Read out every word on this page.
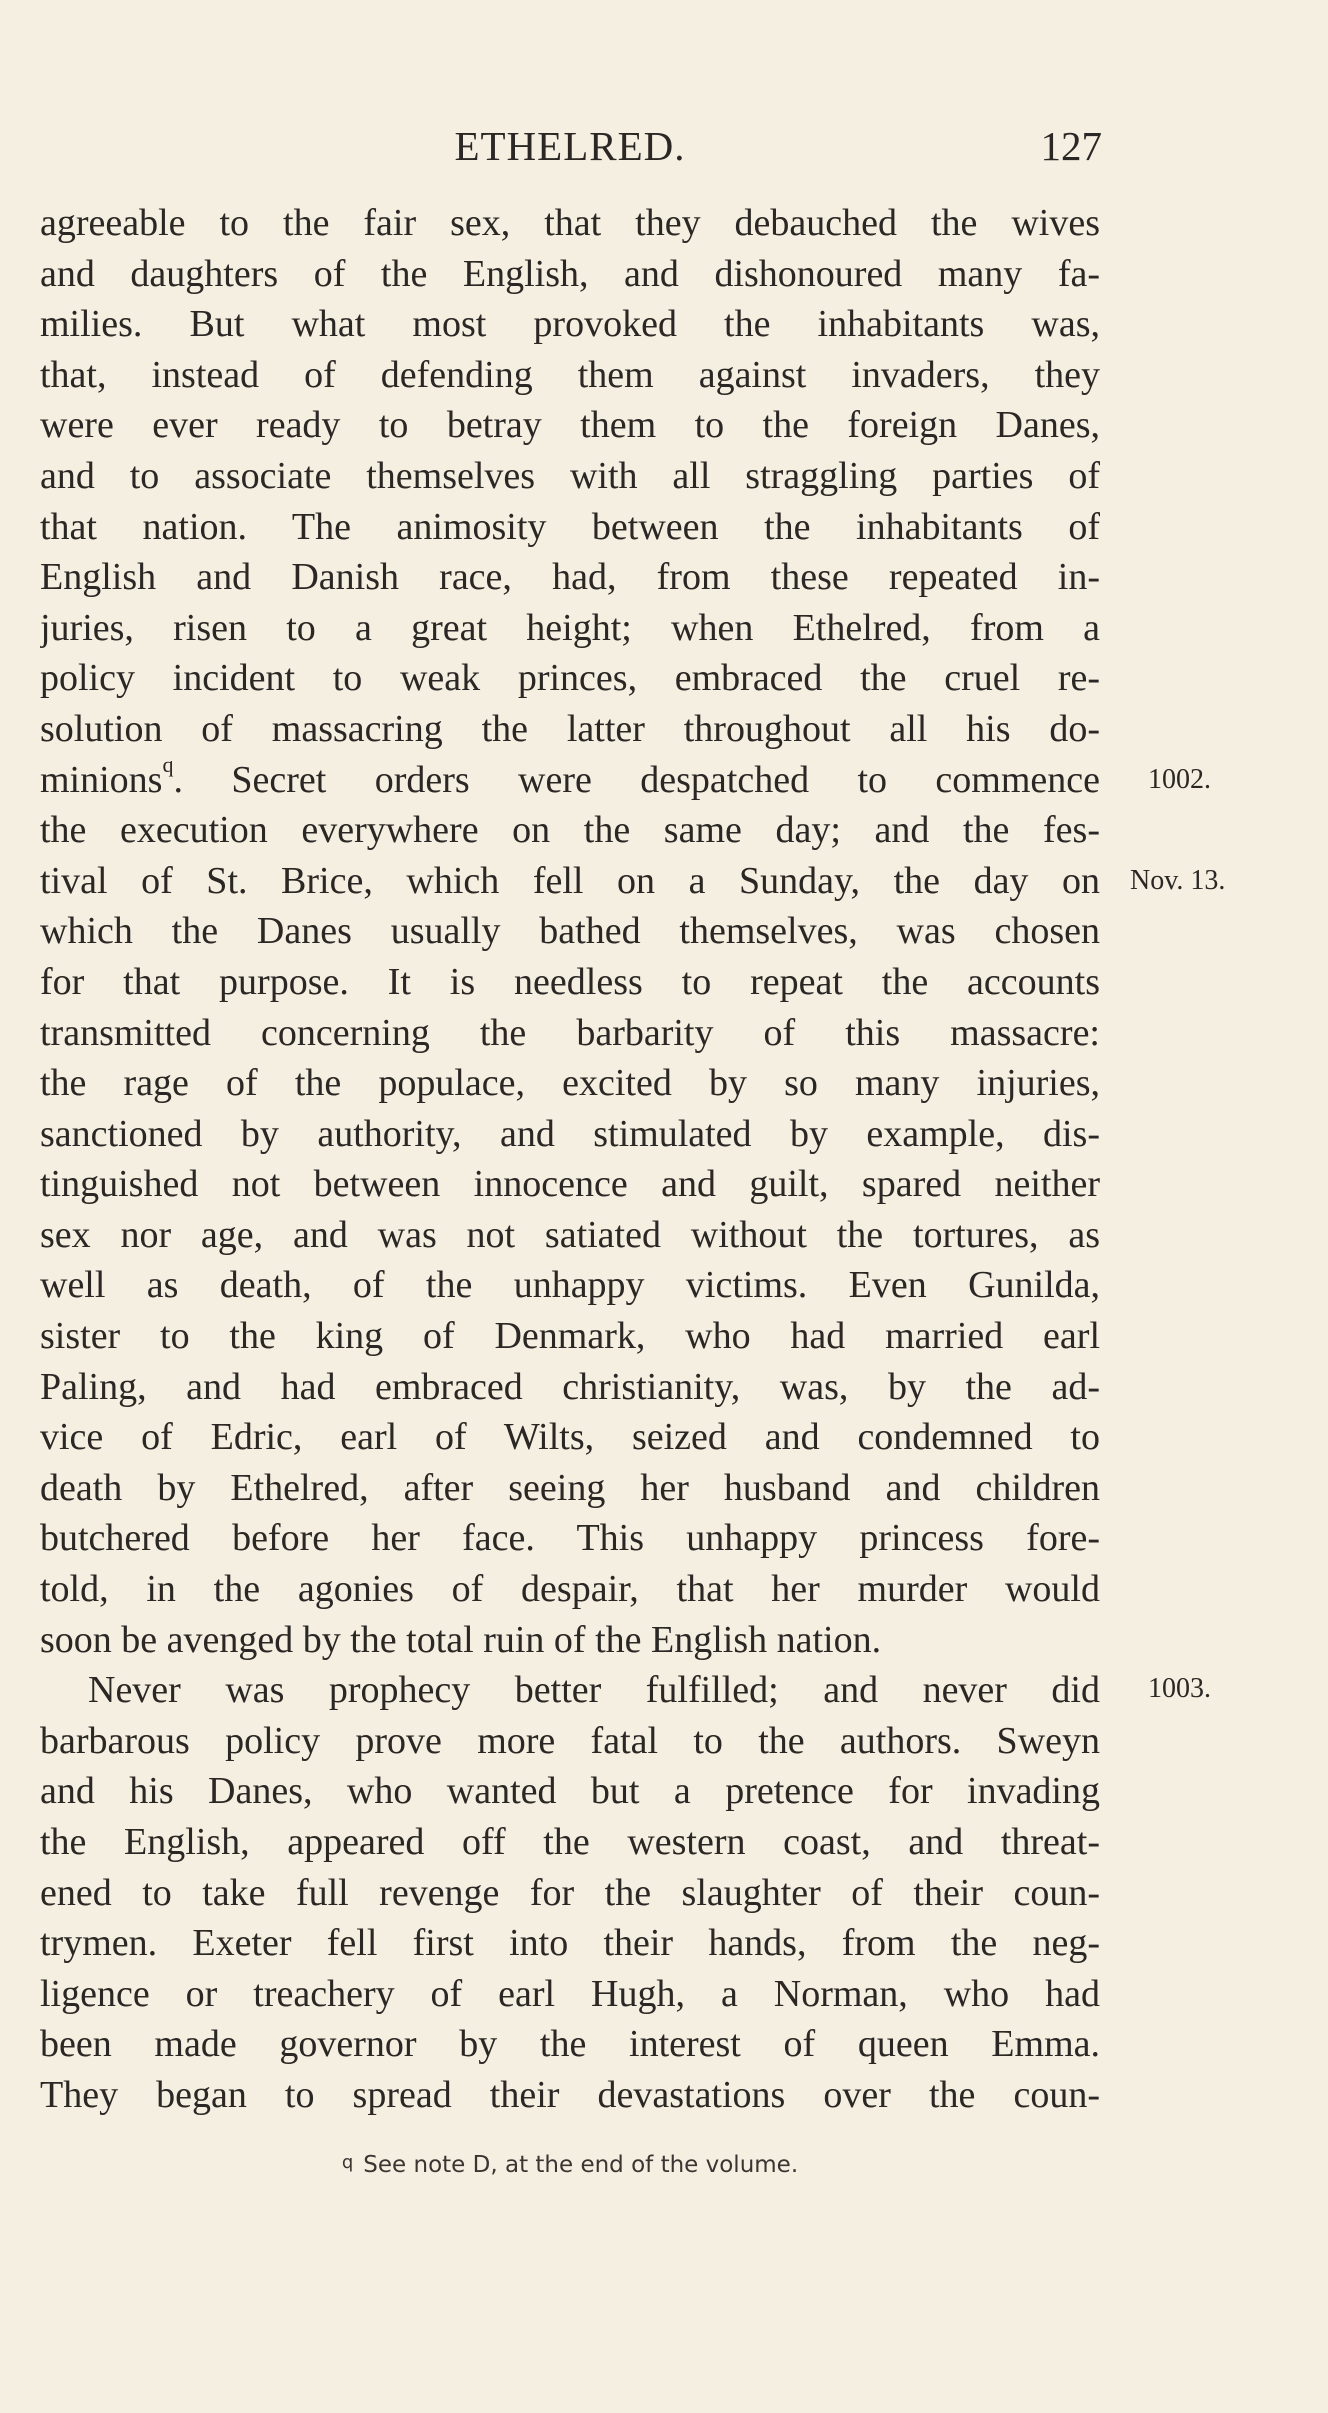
ETHELRED.	127
agreeable to the fair sex, that they debauched the wives
and daughters of the English, and dishonoured many fa-
milies. But what most provoked the inhabitants was,
that, instead of defending them against invaders, they
were ever ready to betray them to the foreign Danes,
and to associate themselves with all straggling parties of
that nation. The animosity between the inhabitants of
English and Danish race, had, from these repeated in-
juries, risen to a great height; when Ethelred, from a
policy incident to weak princes, embraced the cruel re-
solution of massacring the latter throughout all his do-
minions$^q$. Secret orders were despatched to commence
the execution everywhere on the same day; and the fes-
tival of St. Brice, which fell on a Sunday, the day on
which the Danes usually bathed themselves, was chosen
for that purpose. It is needless to repeat the accounts
transmitted concerning the barbarity of this massacre:
the rage of the populace, excited by so many injuries,
sanctioned by authority, and stimulated by example, dis-
tinguished not between innocence and guilt, spared neither
sex nor age, and was not satiated without the tortures, as
well as death, of the unhappy victims. Even Gunilda,
sister to the king of Denmark, who had married earl
Paling, and had embraced christianity, was, by the ad-
vice of Edric, earl of Wilts, seized and condemned to
death by Ethelred, after seeing her husband and children
butchered before her face. This unhappy princess fore-
told, in the agonies of despair, that her murder would
soon be avenged by the total ruin of the English nation.
Never was prophecy better fulfilled; and never did
barbarous policy prove more fatal to the authors. Sweyn
and his Danes, who wanted but a pretence for invading
the English, appeared off the western coast, and threat-
ened to take full revenge for the slaughter of their coun-
trymen. Exeter fell first into their hands, from the neg-
ligence or treachery of earl Hugh, a Norman, who had
been made governor by the interest of queen Emma.
They began to spread their devastations over the coun-
1002.
Nov. 13.
1003.
q See note D, at the end of the volume.
